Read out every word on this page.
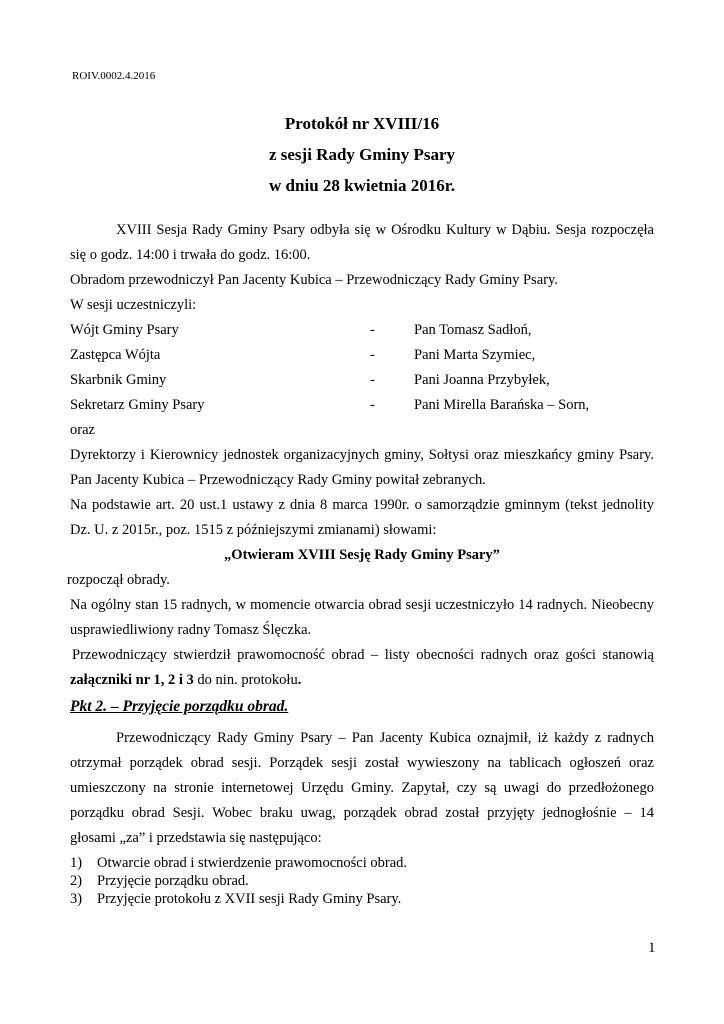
ROIV.0002.4.2016
Protokół nr XVIII/16
z sesji Rady Gminy Psary
w dniu 28 kwietnia 2016r.
XVIII Sesja Rady Gminy Psary odbyła się w Ośrodku Kultury w Dąbiu. Sesja rozpoczęła
się o godz. 14:00 i trwała do godz. 16:00.
Obradom przewodniczył Pan Jacenty Kubica – Przewodniczący Rady Gminy Psary.
W sesji uczestniczyli:
Wójt Gminy Psary	-	Pan Tomasz Sadłoń,
Zastępca Wójta	-	Pani Marta Szymiec,
Skarbnik Gminy	-	Pani Joanna Przybyłek,
Sekretarz Gminy Psary	-	Pani Mirella Barańska – Sorn,
oraz
Dyrektorzy i Kierownicy jednostek organizacyjnych gminy, Sołtysi oraz mieszkańcy gminy Psary.
Pan Jacenty Kubica – Przewodniczący Rady Gminy powitał zebranych.
Na podstawie art. 20 ust.1 ustawy z dnia 8 marca 1990r. o samorządzie gminnym (tekst jednolity
Dz. U. z 2015r., poz. 1515 z późniejszymi zmianami) słowami:
„Otwieram XVIII Sesję Rady Gminy Psary”
rozpoczął obrady.
Na ogólny stan 15 radnych, w momencie otwarcia obrad sesji uczestniczyło 14 radnych. Nieobecny
usprawiedliwiony radny Tomasz Ślęczka.
Przewodniczący stwierdził prawomocność obrad – listy obecności radnych oraz gości stanowią
załączniki nr 1, 2 i 3 do nin. protokołu.
Pkt 2. – Przyjęcie porządku obrad.
Przewodniczący Rady Gminy Psary – Pan Jacenty Kubica oznajmił, iż każdy z radnych
otrzymał porządek obrad sesji. Porządek sesji został wywieszony na tablicach ogłoszeń oraz
umieszczony na stronie internetowej Urzędu Gminy. Zapytał, czy są uwagi do przedłożonego
porządku obrad Sesji. Wobec braku uwag, porządek obrad został przyjęty jednogłośnie – 14
głosami „za” i przedstawia się następująco:
1) Otwarcie obrad i stwierdzenie prawomocności obrad.
2) Przyjęcie porządku obrad.
3) Przyjęcie protokołu z XVII sesji Rady Gminy Psary.
1
